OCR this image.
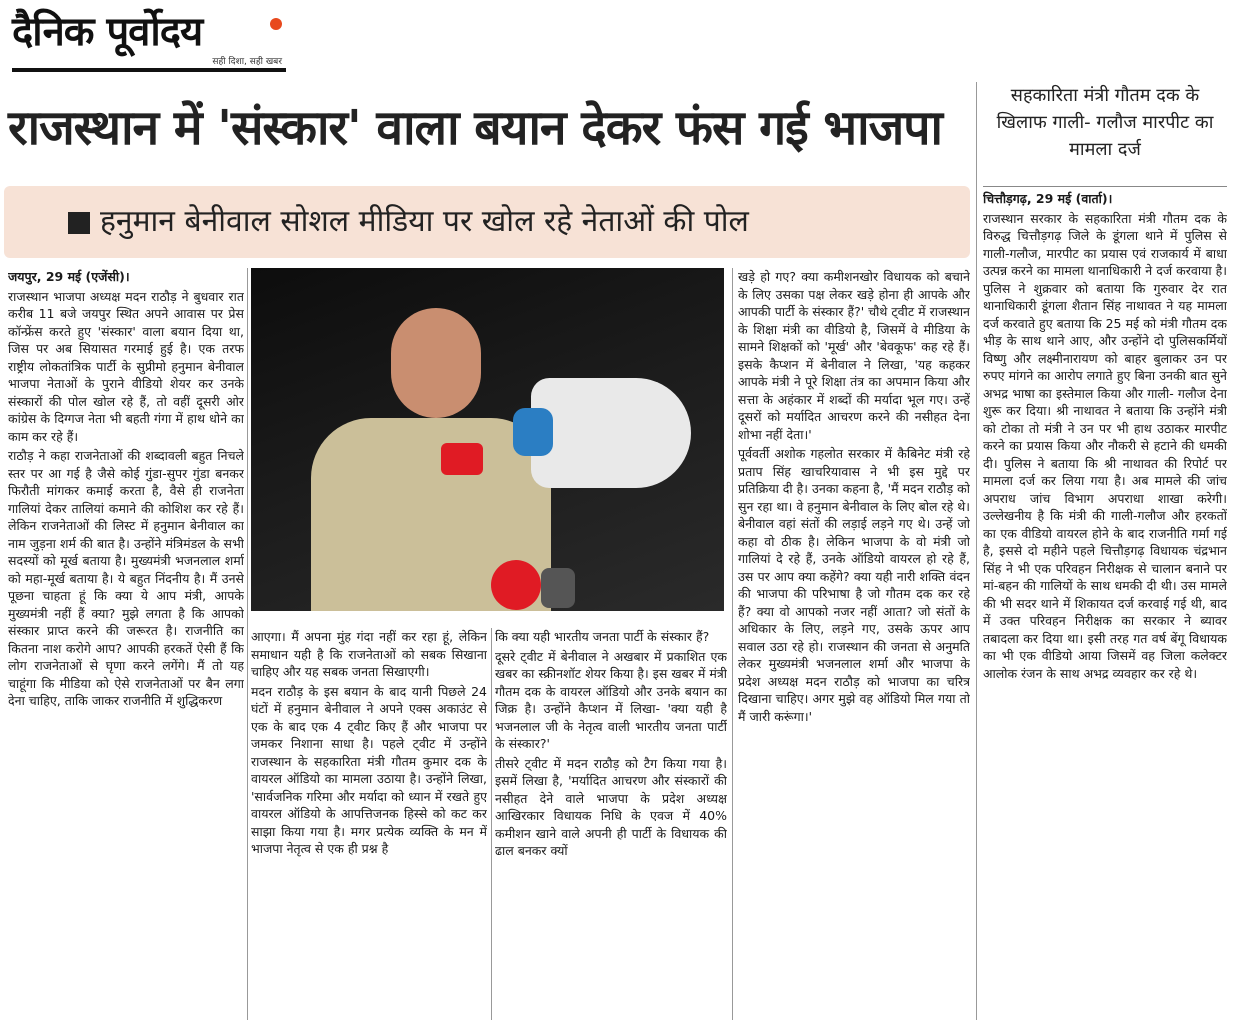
दैनिक पूर्वोदय
सही दिशा, सही खबर
राजस्थान में 'संस्कार' वाला बयान देकर फंस गई भाजपा
हनुमान बेनीवाल सोशल मीडिया पर खोल रहे नेताओं की पोल

जयपुर, 29 मई (एजेंसी)।

राजस्थान भाजपा अध्यक्ष मदन राठौड़ ने बुधवार रात करीब 11 बजे जयपुर स्थित अपने आवास पर प्रेस कॉन्फ्रेंस करते हुए 'संस्कार' वाला बयान दिया था, जिस पर अब सियासत गरमाई हुई है। एक तरफ राष्ट्रीय लोकतांत्रिक पार्टी के सुप्रीमो हनुमान बेनीवाल भाजपा नेताओं के पुराने वीडियो शेयर कर उनके संस्कारों की पोल खोल रहे हैं, तो वहीं दूसरी ओर कांग्रेस के दिग्गज नेता भी बहती गंगा में हाथ धोने का काम कर रहे हैं।

राठौड़ ने कहा राजनेताओं की शब्दावली बहुत निचले स्तर पर आ गई है जैसे कोई गुंडा-सुपर गुंडा बनकर फिरौती मांगकर कमाई करता है, वैसे ही राजनेता गालियां देकर तालियां कमाने की कोशिश कर रहे हैं। लेकिन राजनेताओं की लिस्ट में हनुमान बेनीवाल का नाम जुड़ना शर्म की बात है। उन्होंने मंत्रिमंडल के सभी सदस्यों को मूर्ख बताया है। मुख्यमंत्री भजनलाल शर्मा को महा-मूर्ख बताया है। ये बहुत निंदनीय है। मैं उनसे पूछना चाहता हूं कि क्या ये आप मंत्री, आपके मुख्यमंत्री नहीं हैं क्या? मुझे लगता है कि आपको संस्कार प्राप्त करने की जरूरत है। राजनीति का कितना नाश करोगे आप? आपकी हरकतें ऐसी हैं कि लोग राजनेताओं से घृणा करने लगेंगे। मैं तो यह चाहूंगा कि मीडिया को ऐसे राजनेताओं पर बैन लगा देना चाहिए, ताकि जाकर राजनीति में शुद्धिकरण

आएगा। मैं अपना मुंह गंदा नहीं कर रहा हूं, लेकिन समाधान यही है कि राजनेताओं को सबक सिखाना चाहिए और यह सबक जनता सिखाएगी।

मदन राठौड़ के इस बयान के बाद यानी पिछले 24 घंटों में हनुमान बेनीवाल ने अपने एक्स अकाउंट से एक के बाद एक 4 ट्वीट किए हैं और भाजपा पर जमकर निशाना साधा है। पहले ट्वीट में उन्होंने राजस्थान के सहकारिता मंत्री गौतम कुमार दक के वायरल ऑडियो का मामला उठाया है। उन्होंने लिखा, 'सार्वजनिक गरिमा और मर्यादा को ध्यान में रखते हुए वायरल ऑडियो के आपत्तिजनक हिस्से को कट कर साझा किया गया है। मगर प्रत्येक व्यक्ति के मन में भाजपा नेतृत्व से एक ही प्रश्न है

कि क्या यही भारतीय जनता पार्टी के संस्कार हैं?

दूसरे ट्वीट में बेनीवाल ने अखबार में प्रकाशित एक खबर का स्क्रीनशॉट शेयर किया है। इस खबर में मंत्री गौतम दक के वायरल ऑडियो और उनके बयान का जिक्र है। उन्होंने कैप्शन में लिखा- 'क्या यही है भजनलाल जी के नेतृत्व वाली भारतीय जनता पार्टी के संस्कार?'

तीसरे ट्वीट में मदन राठौड़ को टैग किया गया है। इसमें लिखा है, 'मर्यादित आचरण और संस्कारों की नसीहत देने वाले भाजपा के प्रदेश अध्यक्ष आखिरकार विधायक निधि के एवज में 40% कमीशन खाने वाले अपनी ही पार्टी के विधायक की ढाल बनकर क्यों

खड़े हो गए? क्या कमीशनखोर विधायक को बचाने के लिए उसका पक्ष लेकर खड़े होना ही आपके और आपकी पार्टी के संस्कार हैं?' चौथे ट्वीट में राजस्थान के शिक्षा मंत्री का वीडियो है, जिसमें वे मीडिया के सामने शिक्षकों को 'मूर्ख' और 'बेवकूफ' कह रहे हैं। इसके कैप्शन में बेनीवाल ने लिखा, 'यह कहकर आपके मंत्री ने पूरे शिक्षा तंत्र का अपमान किया और सत्ता के अहंकार में शब्दों की मर्यादा भूल गए। उन्हें दूसरों को मर्यादित आचरण करने की नसीहत देना शोभा नहीं देता।'

पूर्ववर्ती अशोक गहलोत सरकार में कैबिनेट मंत्री रहे प्रताप सिंह खाचरियावास ने भी इस मुद्दे पर प्रतिक्रिया दी है। उनका कहना है, 'मैं मदन राठौड़ को सुन रहा था। वे हनुमान बेनीवाल के लिए बोल रहे थे। बेनीवाल वहां संतों की लड़ाई लड़ने गए थे। उन्हें जो कहा वो ठीक है। लेकिन भाजपा के वो मंत्री जो गालियां दे रहे हैं, उनके ऑडियो वायरल हो रहे हैं, उस पर आप क्या कहेंगे? क्या यही नारी शक्ति वंदन की भाजपा की परिभाषा है जो गौतम दक कर रहे हैं? क्या वो आपको नजर नहीं आता? जो संतों के अधिकार के लिए, लड़ने गए, उसके ऊपर आप सवाल उठा रहे हो। राजस्थान की जनता से अनुमति लेकर मुख्यमंत्री भजनलाल शर्मा और भाजपा के प्रदेश अध्यक्ष मदन राठौड़ को भाजपा का चरित्र दिखाना चाहिए। अगर मुझे वह ऑडियो मिल गया तो मैं जारी करूंगा।'

सहकारिता मंत्री गौतम दक के खिलाफ गाली- गलौज मारपीट का मामला दर्ज

चित्तौड़गढ़, 29 मई (वार्ता)।

राजस्थान सरकार के सहकारिता मंत्री गौतम दक के विरुद्ध चित्तौड़गढ़ जिले के डूंगला थाने में पुलिस से गाली-गलौज, मारपीट का प्रयास एवं राजकार्य में बाधा उत्पन्न करने का मामला थानाधिकारी ने दर्ज करवाया है। पुलिस ने शुक्रवार को बताया कि गुरुवार देर रात थानाधिकारी डूंगला शैतान सिंह नाथावत ने यह मामला दर्ज करवाते हुए बताया कि 25 मई को मंत्री गौतम दक भीड़ के साथ थाने आए, और उन्होंने दो पुलिसकर्मियों विष्णु और लक्ष्मीनारायण को बाहर बुलाकर उन पर रुपए मांगने का आरोप लगाते हुए बिना उनकी बात सुने अभद्र भाषा का इस्तेमाल किया और गाली- गलौज देना शुरू कर दिया। श्री नाथावत ने बताया कि उन्होंने मंत्री को टोका तो मंत्री ने उन पर भी हाथ उठाकर मारपीट करने का प्रयास किया और नौकरी से हटाने की धमकी दी। पुलिस ने बताया कि श्री नाथावत की रिपोर्ट पर मामला दर्ज कर लिया गया है। अब मामले की जांच अपराध जांच विभाग अपराधा शाखा करेगी। उल्लेखनीय है कि मंत्री की गाली-गलौज और हरकतों का एक वीडियो वायरल होने के बाद राजनीति गर्मा गई है, इससे दो महीने पहले चित्तौड़गढ़ विधायक चंद्रभान सिंह ने भी एक परिवहन निरीक्षक से चालान बनाने पर मां-बहन की गालियों के साथ धमकी दी थी। उस मामले की भी सदर थाने में शिकायत दर्ज करवाई गई थी, बाद में उक्त परिवहन निरीक्षक का सरकार ने ब्यावर तबादला कर दिया था। इसी तरह गत वर्ष बेंगू विधायक का भी एक वीडियो आया जिसमें वह जिला कलेक्टर आलोक रंजन के साथ अभद्र व्यवहार कर रहे थे।
